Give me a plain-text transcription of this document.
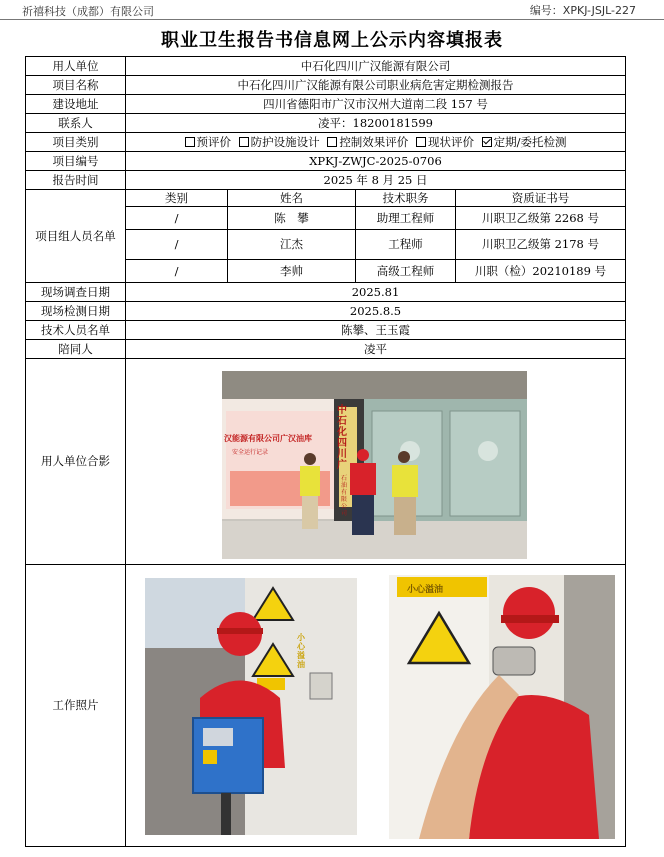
祈禧科技（成都）有限公司	编号：XPKJ-JSJL-227
职业卫生报告书信息网上公示内容填报表
用人单位	中石化四川广汉能源有限公司			
项目名称	中石化四川广汉能源有限公司职业病危害定期检测报告			
建设地址	四川省德阳市广汉市汉州大道南二段 157 号			
联系人	凌平：18200181599			
项目类别	预评价 防护设施设计 控制效果评价 现状评价 定期/委托检测			
项目编号	XPKJ-ZWJC-2025-0706			
报告时间	2025 年 8 月 25 日			
项目组人员名单	类别	姓名	技术职务	资质证书号
	/	陈　攀	助理工程师	川职卫乙级第 2268 号
	/	江杰	工程师	川职卫乙级第 2178 号
	/	李帅	高级工程师	川职（检）20210189 号
现场调查日期	2025.81			
现场检测日期	2025.8.5			
技术人员名单	陈攀、王玉霞			
陪同人	凌平			
用人单位合影				
工作照片				
中石化四川广
石油有限公司
汉能源有限公司广汉油库
安全运行记录
小心溢油
小心溢油
